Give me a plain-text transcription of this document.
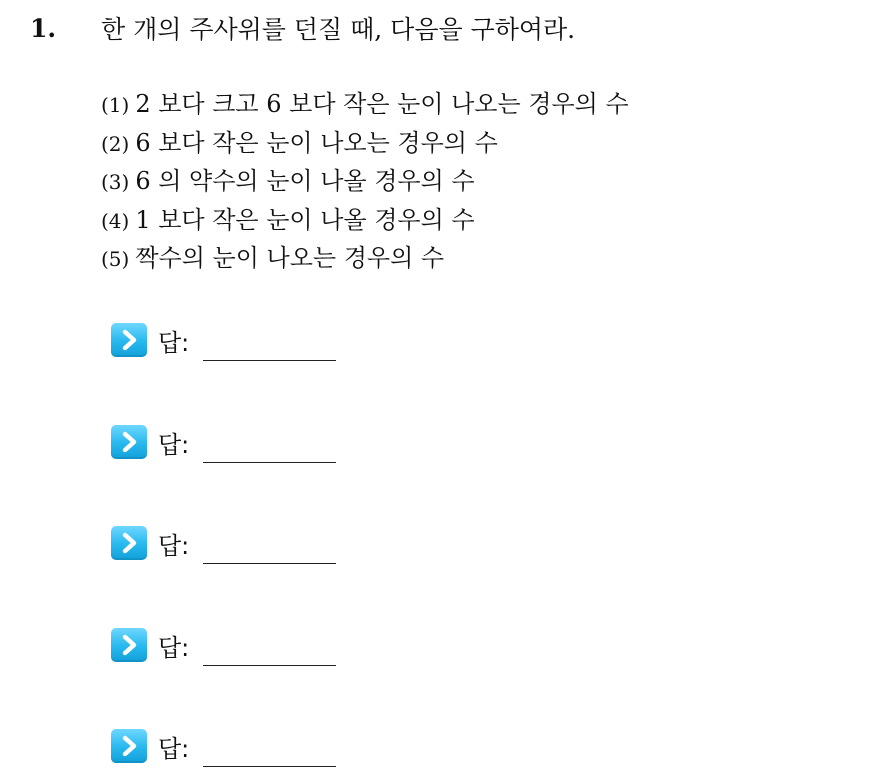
1. 한 개의 주사위를 던질 때, 다음을 구하여라.
(1) 2 보다 크고 6 보다 작은 눈이 나오는 경우의 수
(2) 6 보다 작은 눈이 나오는 경우의 수
(3) 6 의 약수의 눈이 나올 경우의 수
(4) 1 보다 작은 눈이 나올 경우의 수
(5) 짝수의 눈이 나오는 경우의 수
답:
답:
답:
답:
답:
